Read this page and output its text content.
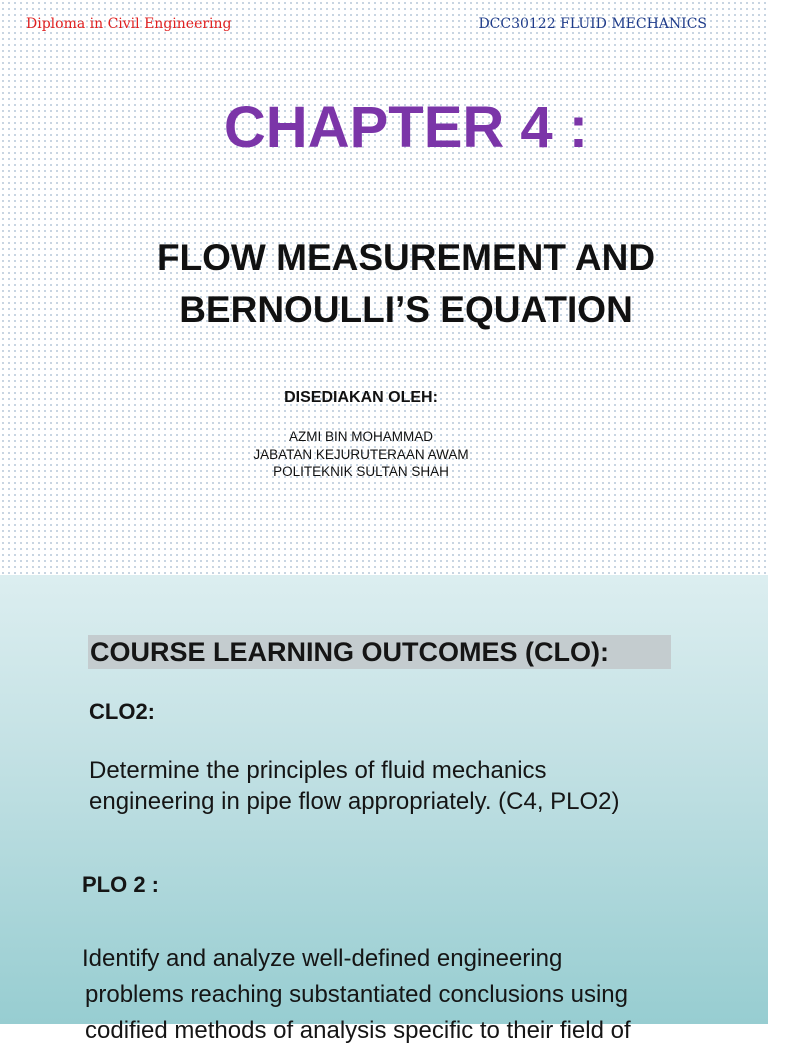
Diploma in Civil Engineering	DCC30122 FLUID MECHANICS
CHAPTER 4 :
FLOW MEASUREMENT AND
BERNOULLI’S EQUATION
DISEDIAKAN OLEH:
AZMI BIN MOHAMMAD
JABATAN KEJURUTERAAN AWAM
POLITEKNIK SULTAN SHAH
COURSE LEARNING OUTCOMES (CLO):
CLO2:
Determine the principles of fluid mechanics
engineering in pipe flow appropriately. (C4, PLO2)
PLO 2 :
Identify and analyze well-defined engineering
problems reaching substantiated conclusions using
codified methods of analysis specific to their field of
